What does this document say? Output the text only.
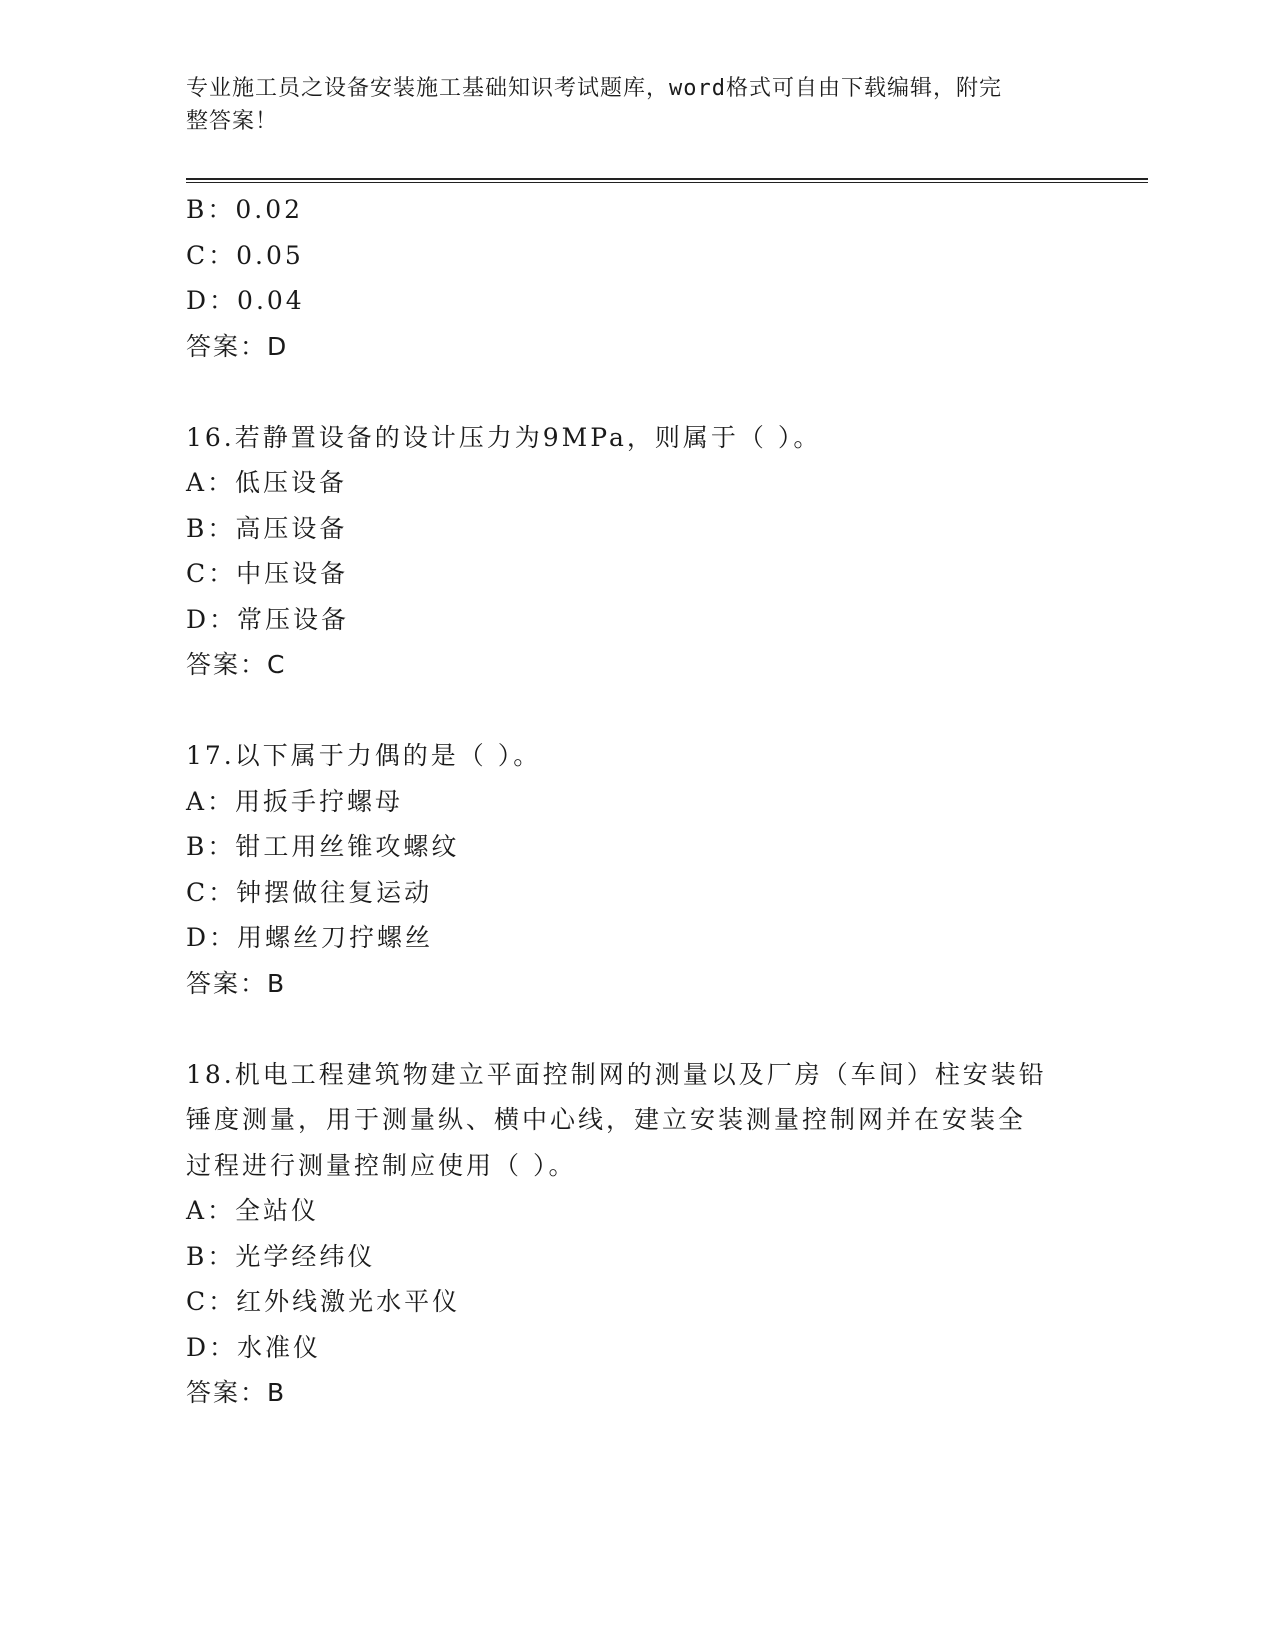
专业施工员之设备安装施工基础知识考试题库，word格式可自由下载编辑，附完
整答案！
B：0.02
C：0.05
D：0.04
答案：D
16.若静置设备的设计压力为9MPa，则属于（ ）。
A：低压设备
B：高压设备
C：中压设备
D：常压设备
答案：C
17.以下属于力偶的是（ ）。
A：用扳手拧螺母
B：钳工用丝锥攻螺纹
C：钟摆做往复运动
D：用螺丝刀拧螺丝
答案：B
18.机电工程建筑物建立平面控制网的测量以及厂房（车间）柱安装铅
锤度测量，用于测量纵、横中心线，建立安装测量控制网并在安装全
过程进行测量控制应使用（ ）。
A：全站仪
B：光学经纬仪
C：红外线激光水平仪
D：水准仪
答案：B
